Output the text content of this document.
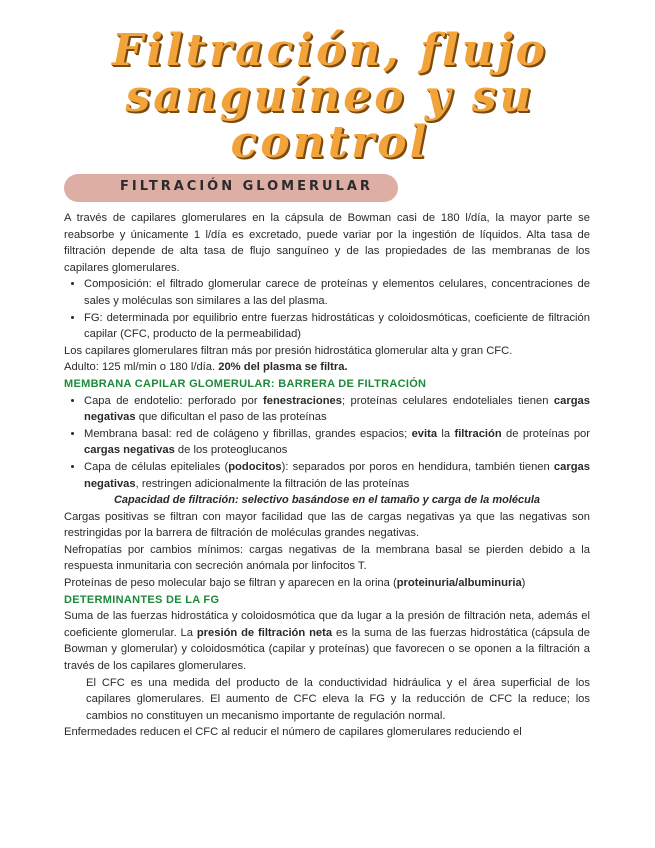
Filtración, flujo sanguíneo y su control
FILTRACIÓN GLOMERULAR

A través de capilares glomerulares en la cápsula de Bowman casi de 180 l/día, la mayor parte se reabsorbe y únicamente 1 l/día es excretado, puede variar por la ingestión de líquidos. Alta tasa de filtración depende de alta tasa de flujo sanguíneo y de las propiedades de las membranas de los capilares glomerulares.

• Composición: el filtrado glomerular carece de proteínas y elementos celulares, concentraciones de sales y moléculas son similares a las del plasma.
• FG: determinada por equilibrio entre fuerzas hidrostáticas y coloidosmóticas, coeficiente de filtración capilar (CFC, producto de la permeabilidad)

Los capilares glomerulares filtran más por presión hidrostática glomerular alta y gran CFC.

Adulto: 125 ml/min o 180 l/día. 20% del plasma se filtra.

MEMBRANA CAPILAR GLOMERULAR: BARRERA DE FILTRACIÓN

• Capa de endotelio: perforado por fenestraciones; proteínas celulares endoteliales tienen cargas negativas que dificultan el paso de las proteínas
• Membrana basal: red de colágeno y fibrillas, grandes espacios; evita la filtración de proteínas por cargas negativas de los proteoglucanos
• Capa de células epiteliales (podocitos): separados por poros en hendidura, también tienen cargas negativas, restringen adicionalmente la filtración de las proteínas

Capacidad de filtración: selectivo basándose en el tamaño y carga de la molécula

Cargas positivas se filtran con mayor facilidad que las de cargas negativas ya que las negativas son restringidas por la barrera de filtración de moléculas grandes negativas.

Nefropatías por cambios mínimos: cargas negativas de la membrana basal se pierden debido a la respuesta inmunitaria con secreción anómala por linfocitos T.

Proteínas de peso molecular bajo se filtran y aparecen en la orina (proteinuria/albuminuria)

DETERMINANTES DE LA FG

Suma de las fuerzas hidrostática y coloidosmótica que da lugar a la presión de filtración neta, además el coeficiente glomerular. La presión de filtración neta es la suma de las fuerzas hidrostática (cápsula de Bowman y glomerular) y coloidosmótica (capilar y proteínas) que favorecen o se oponen a la filtración a través de los capilares glomerulares.

El CFC es una medida del producto de la conductividad hidráulica y el área superficial de los capilares glomerulares. El aumento de CFC eleva la FG y la reducción de CFC la reduce; los cambios no constituyen un mecanismo importante de regulación normal.

Enfermedades reducen el CFC al reducir el número de capilares glomerulares reduciendo el
